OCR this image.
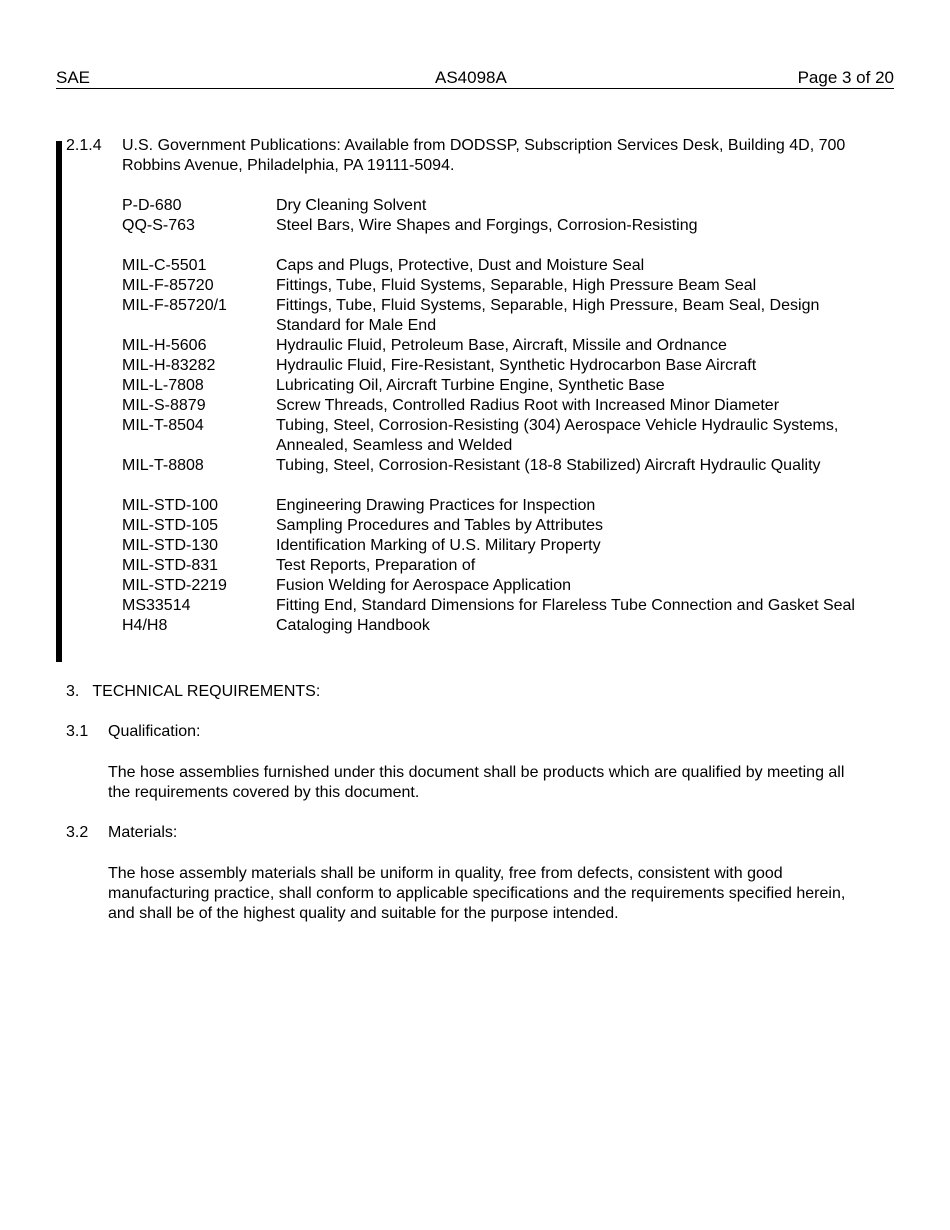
SAE	AS4098A	Page 3 of 20
2.1.4 U.S. Government Publications: Available from DODSSP, Subscription Services Desk, Building 4D, 700 Robbins Avenue, Philadelphia, PA 19111-5094.
P-D-680	Dry Cleaning Solvent
QQ-S-763	Steel Bars, Wire Shapes and Forgings, Corrosion-Resisting
MIL-C-5501	Caps and Plugs, Protective, Dust and Moisture Seal
MIL-F-85720	Fittings, Tube, Fluid Systems, Separable, High Pressure Beam Seal
MIL-F-85720/1	Fittings, Tube, Fluid Systems, Separable, High Pressure, Beam Seal, Design Standard for Male End
MIL-H-5606	Hydraulic Fluid, Petroleum Base, Aircraft, Missile and Ordnance
MIL-H-83282	Hydraulic Fluid, Fire-Resistant, Synthetic Hydrocarbon Base Aircraft
MIL-L-7808	Lubricating Oil, Aircraft Turbine Engine, Synthetic Base
MIL-S-8879	Screw Threads, Controlled Radius Root with Increased Minor Diameter
MIL-T-8504	Tubing, Steel, Corrosion-Resisting (304) Aerospace Vehicle Hydraulic Systems, Annealed, Seamless and Welded
MIL-T-8808	Tubing, Steel, Corrosion-Resistant (18-8 Stabilized) Aircraft Hydraulic Quality
MIL-STD-100	Engineering Drawing Practices for Inspection
MIL-STD-105	Sampling Procedures and Tables by Attributes
MIL-STD-130	Identification Marking of U.S. Military Property
MIL-STD-831	Test Reports, Preparation of
MIL-STD-2219	Fusion Welding for Aerospace Application
MS33514	Fitting End, Standard Dimensions for Flareless Tube Connection and Gasket Seal
H4/H8	Cataloging Handbook
3.   TECHNICAL REQUIREMENTS:
3.1 Qualification:
The hose assemblies furnished under this document shall be products which are qualified by meeting all the requirements covered by this document.
3.2 Materials:
The hose assembly materials shall be uniform in quality, free from defects, consistent with good manufacturing practice, shall conform to applicable specifications and the requirements specified herein, and shall be of the highest quality and suitable for the purpose intended.
